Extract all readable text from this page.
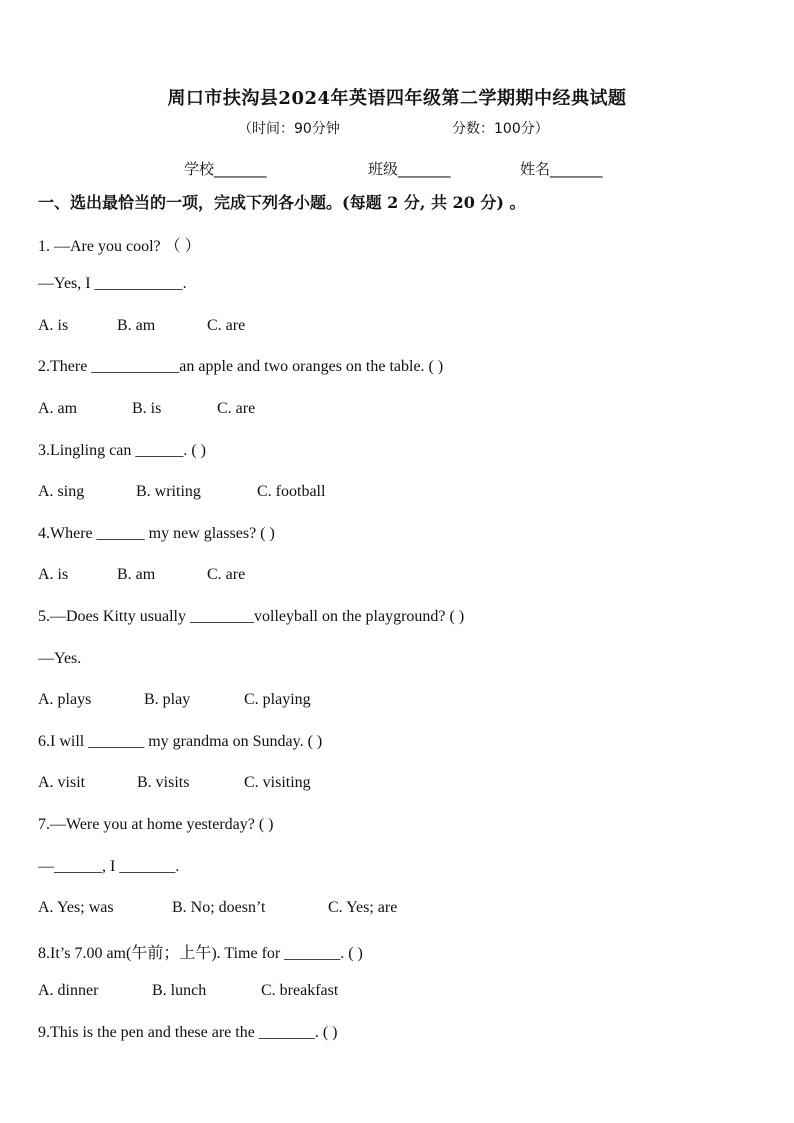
周口市扶沟县2024年英语四年级第二学期期中经典试题
（时间：90分钟	分数：100分）
学校_______	班级_______	姓名_______
一、选出最恰当的一项，完成下列各小题。(每题 2 分, 共 20 分) 。
1. —Are you cool? （ ）
—Yes, I ___________.
A. is	B. am	C. are
2.There ___________an apple and two oranges on the table. ( )
A. am	B. is	C. are
3.Lingling can ______. ( )
A. sing	B. writing	C. football
4.Where ______ my new glasses? ( )
A. is	B. am	C. are
5.—Does Kitty usually ________volleyball on the playground? ( )
—Yes.
A. plays	B. play	C. playing
6.I will _______ my grandma on Sunday. ( )
A. visit	B. visits	C. visiting
7.—Were you at home yesterday? ( )
—______, I _______.
A. Yes; was	B. No; doesn’t	C. Yes; are
8.It’s 7.00 am(午前；上午). Time for _______. ( )
A. dinner	B. lunch	C. breakfast
9.This is the pen and these are the _______. ( )
